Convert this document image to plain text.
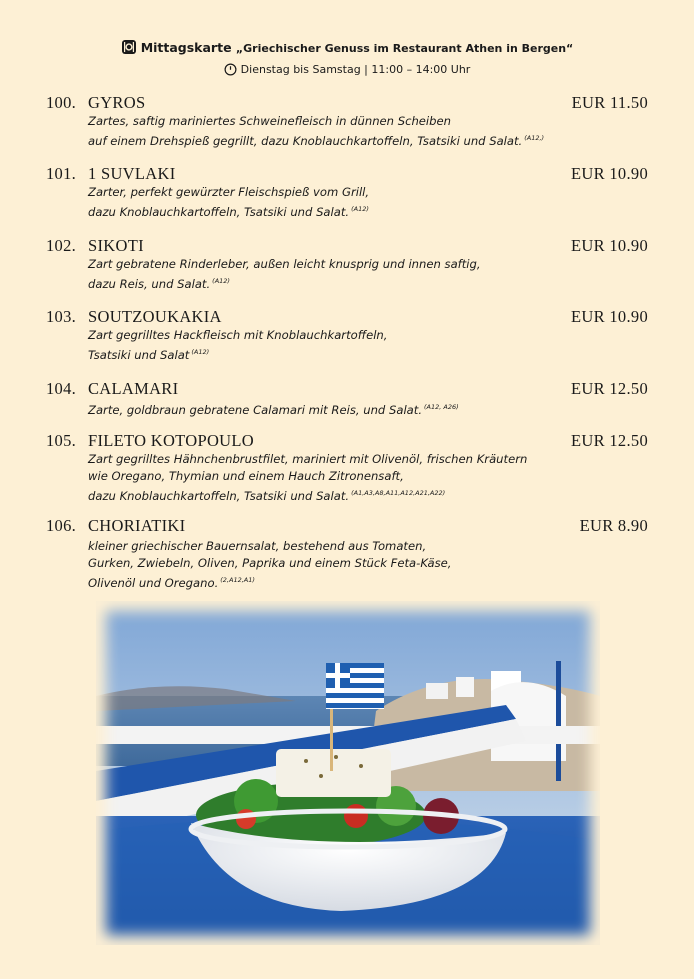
Mittagskarte „Griechischer Genuss im Restaurant Athen in Bergen“
Dienstag bis Samstag | 11:00 – 14:00 Uhr
100. GYROS	EUR 11.50
Zartes, saftig mariniertes Schweinefleisch in dünnen Scheiben
auf einem Drehspieß gegrillt, dazu Knoblauchkartoffeln, Tsatsiki und Salat. $^{(A12,)}$
101. 1 SUVLAKI	EUR 10.90
Zarter, perfekt gewürzter Fleischspieß vom Grill,
dazu Knoblauchkartoffeln, Tsatsiki und Salat. $^{(A12)}$
102. SIKOTI	EUR 10.90
Zart gebratene Rinderleber, außen leicht knusprig und innen saftig,
dazu Reis, und Salat. $^{(A12)}$
103. SOUTZOUKAKIA	EUR 10.90
Zart gegrilltes Hackfleisch mit Knoblauchkartoffeln,
Tsatsiki und Salat $^{(A12)}$
104. CALAMARI	EUR 12.50
Zarte, goldbraun gebratene Calamari mit Reis, und Salat. $^{(A12, A26)}$
105. FILETO KOTOPOULO	EUR 12.50
Zart gegrilltes Hähnchenbrustfilet, mariniert mit Olivenöl, frischen Kräutern
wie Oregano, Thymian und einem Hauch Zitronensaft,
dazu Knoblauchkartoffeln, Tsatsiki und Salat. $^{(A1,A3,A8,A11,A12,A21,A22)}$
106. CHORIATIKI	EUR 8.90
kleiner griechischer Bauernsalat, bestehend aus Tomaten,
Gurken, Zwiebeln, Oliven, Paprika und einem Stück Feta-Käse,
Olivenöl und Oregano. $^{(2,A12,A1)}$
